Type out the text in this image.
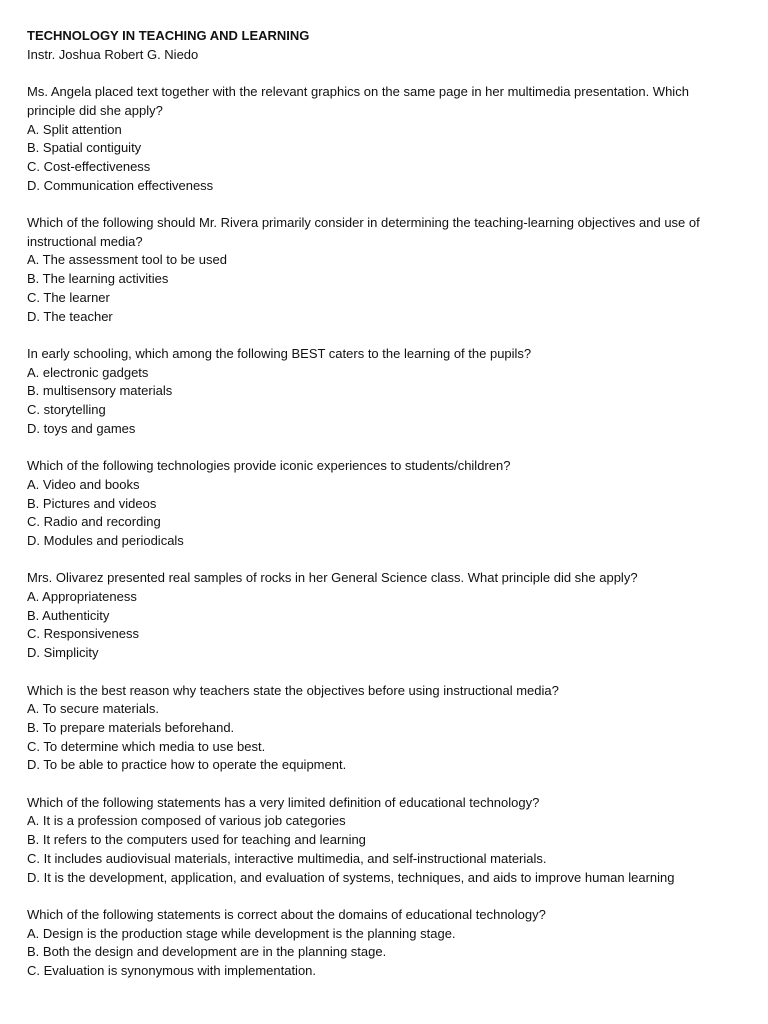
TECHNOLOGY IN TEACHING AND LEARNING

Instr. Joshua Robert G. Niedo

Ms. Angela placed text together with the relevant graphics on the same page in her multimedia presentation. Which principle did she apply?

A. Split attention

B. Spatial contiguity

C. Cost-effectiveness

D. Communication effectiveness

Which of the following should Mr. Rivera primarily consider in determining the teaching-learning objectives and use of instructional media?

A. The assessment tool to be used

B. The learning activities

C. The learner

D. The teacher

In early schooling, which among the following BEST caters to the learning of the pupils?

A. electronic gadgets

B. multisensory materials

C. storytelling

D. toys and games

Which of the following technologies provide iconic experiences to students/children?

A. Video and books

B. Pictures and videos

C. Radio and recording

D. Modules and periodicals

Mrs. Olivarez presented real samples of rocks in her General Science class. What principle did she apply?

A. Appropriateness

B. Authenticity

C. Responsiveness

D. Simplicity

Which is the best reason why teachers state the objectives before using instructional media?

A. To secure materials.

B. To prepare materials beforehand.

C. To determine which media to use best.

D. To be able to practice how to operate the equipment.

Which of the following statements has a very limited definition of educational technology?

A. It is a profession composed of various job categories

B. It refers to the computers used for teaching and learning

C. It includes audiovisual materials, interactive multimedia, and self-instructional materials.

D. It is the development, application, and evaluation of systems, techniques, and aids to improve human learning

Which of the following statements is correct about the domains of educational technology?

A. Design is the production stage while development is the planning stage.

B. Both the design and development are in the planning stage.

C. Evaluation is synonymous with implementation.
